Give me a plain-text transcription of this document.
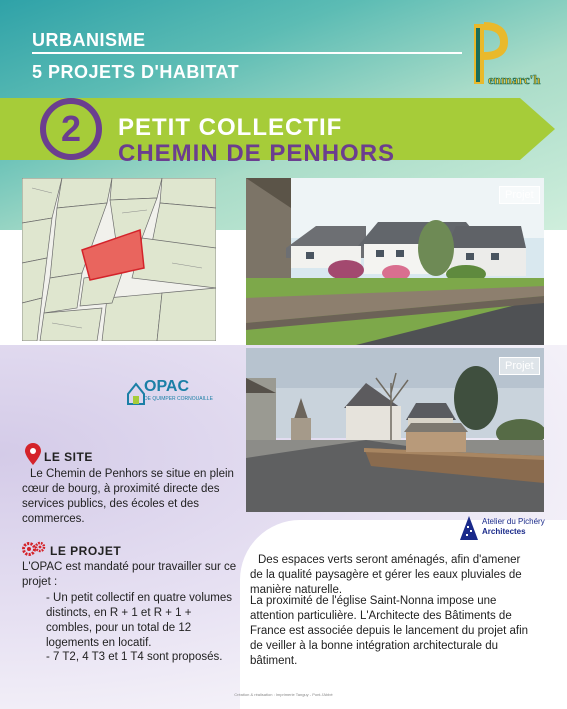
URBANISME
5 PROJETS D'HABITAT	enmarc'h
2	PETIT COLLECTIF
CHEMIN DE PENHORS
OPAC
DE QUIMPER CORNOUAILLE
Projet
Projet
LE SITE
Le Chemin de Penhors se situe en plein cœur de bourg, à proximité directe des services publics, des écoles et des commerces.
LE PROJET
L'OPAC est mandaté pour travailler sur ce projet :
- Un petit collectif en quatre volumes distincts, en R + 1 et R + 1 + combles, pour un total de 12 logements en locatif.
- 7 T2, 4 T3 et 1 T4 sont proposés.
Atelier du Pichéry
Architectes
Des espaces verts seront aménagés, afin d'amener de la qualité paysagère et gérer les eaux pluviales de manière naturelle.
La proximité de l'église Saint-Nonna impose une attention particulière. L'Architecte des Bâtiments de France est associée depuis le lancement du projet afin de veiller à la bonne intégration architecturale du bâtiment.
Création & réalisation : Imprimerie Tanguy - Pont-l'Abbé
